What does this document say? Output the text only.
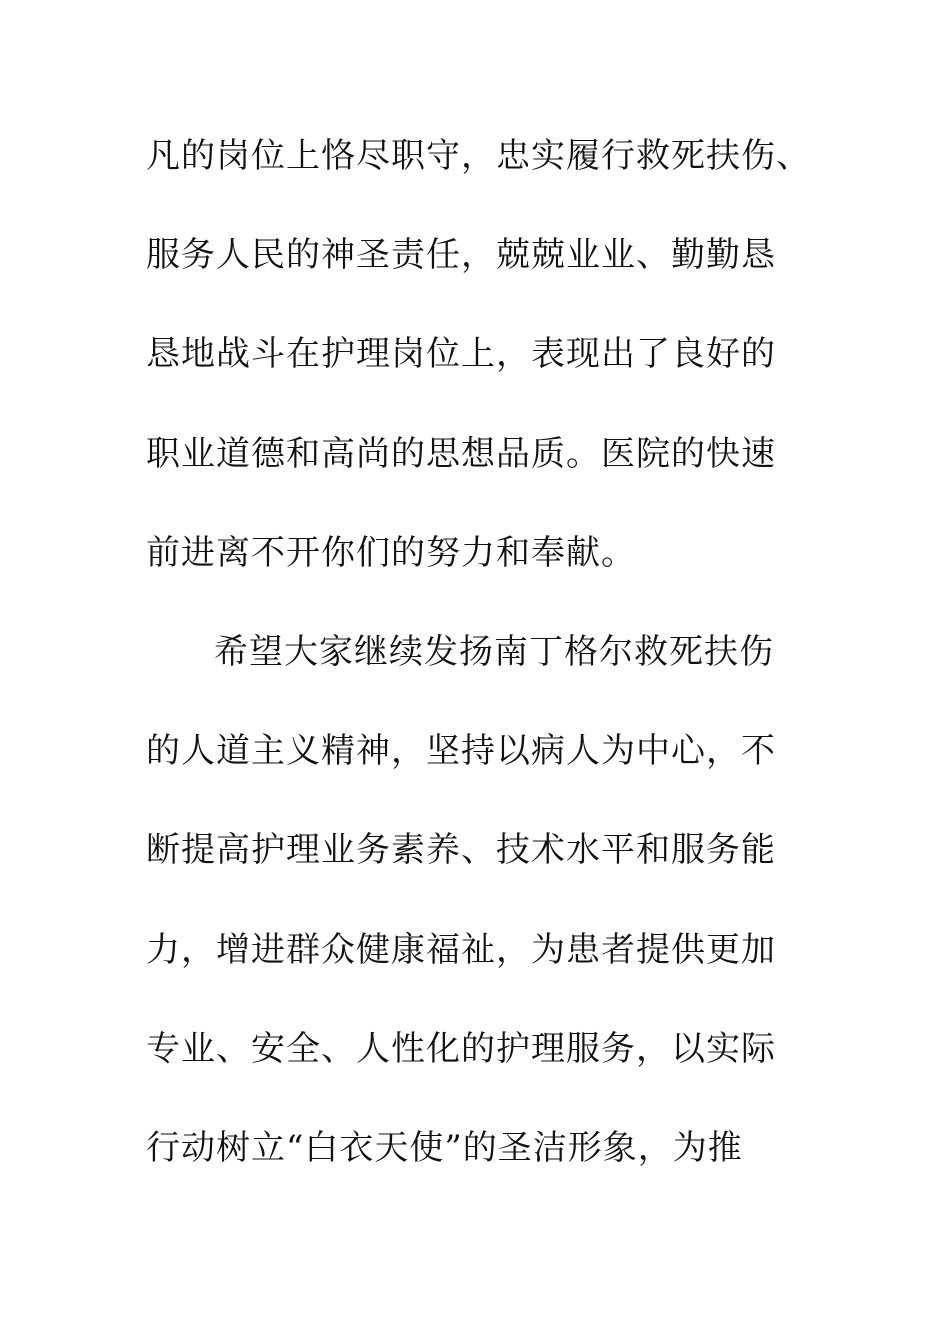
凡的岗位上恪尽职守，忠实履行救死扶伤、
服务人民的神圣责任，兢兢业业、勤勤恳
恳地战斗在护理岗位上，表现出了良好的
职业道德和高尚的思想品质。医院的快速
前进离不开你们的努力和奉献。
希望大家继续发扬南丁格尔救死扶伤
的人道主义精神，坚持以病人为中心，不
断提高护理业务素养、技术水平和服务能
力，增进群众健康福祉，为患者提供更加
专业、安全、人性化的护理服务，以实际
行动树立“白衣天使”的圣洁形象，为推
